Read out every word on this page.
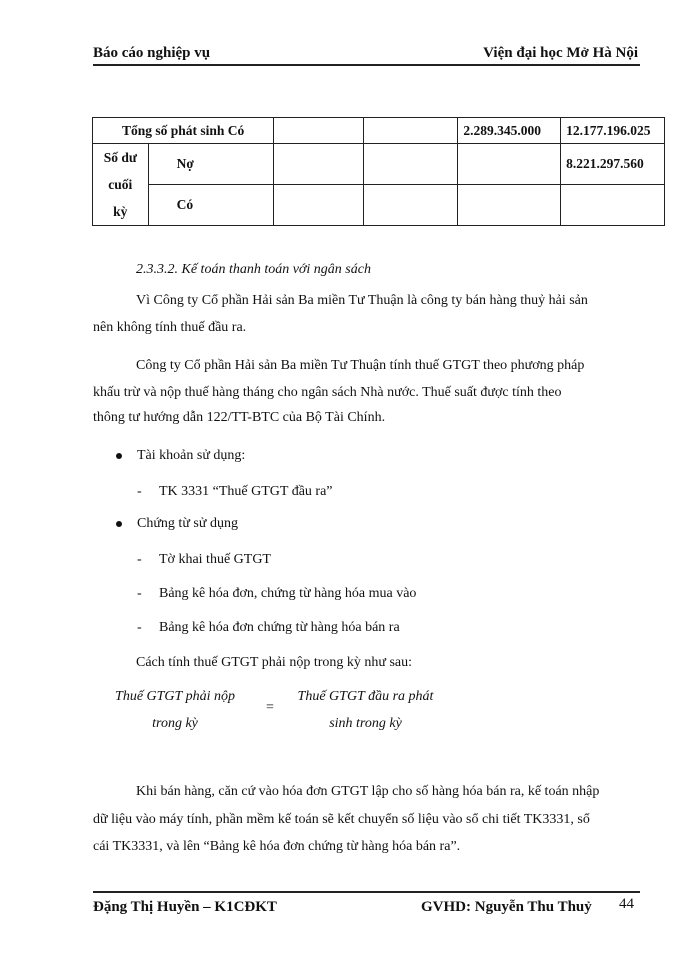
Báo cáo nghiệp vụ	Viện đại học Mở Hà Nội
Tổng số phát sinh Có				2.289.345.000	12.177.196.025
Số dư cuối
kỳ	Nợ				8.221.297.560
	Có				
2.3.3.2. Kế toán thanh toán với ngân sách
Vì Công ty Cổ phần Hải sản Ba miền Tư Thuận là công ty bán hàng thuỷ hải sản
nên không tính thuế đầu ra.
Công ty Cổ phần Hải sản Ba miền Tư Thuận tính thuế GTGT theo phương pháp
khấu trừ và nộp thuế hàng tháng cho ngân sách Nhà nước. Thuế suất được tính theo
thông tư hướng dẫn 122/TT-BTC của Bộ Tài Chính.
Tài khoản sử dụng:
- TK 3331 “Thuế GTGT đầu ra”
Chứng từ sử dụng
- Tờ khai thuế GTGT
- Bảng kê hóa đơn, chứng từ hàng hóa mua vào
- Bảng kê hóa đơn chứng từ hàng hóa bán ra
Cách tính thuế GTGT phải nộp trong kỳ như sau:
Thuế GTGT phải nộp
trong kỳ
=
Thuế GTGT đầu ra phát
sinh trong kỳ
Khi bán hàng, căn cứ vào hóa đơn GTGT lập cho số hàng hóa bán ra, kế toán nhập
dữ liệu vào máy tính, phần mềm kế toán sẽ kết chuyển số liệu vào sổ chi tiết TK3331, sổ
cái TK3331, và lên “Bảng kê hóa đơn chứng từ hàng hóa bán ra”.
Đặng Thị Huyền – K1CĐKT	GVHD: Nguyễn Thu Thuỷ 44
